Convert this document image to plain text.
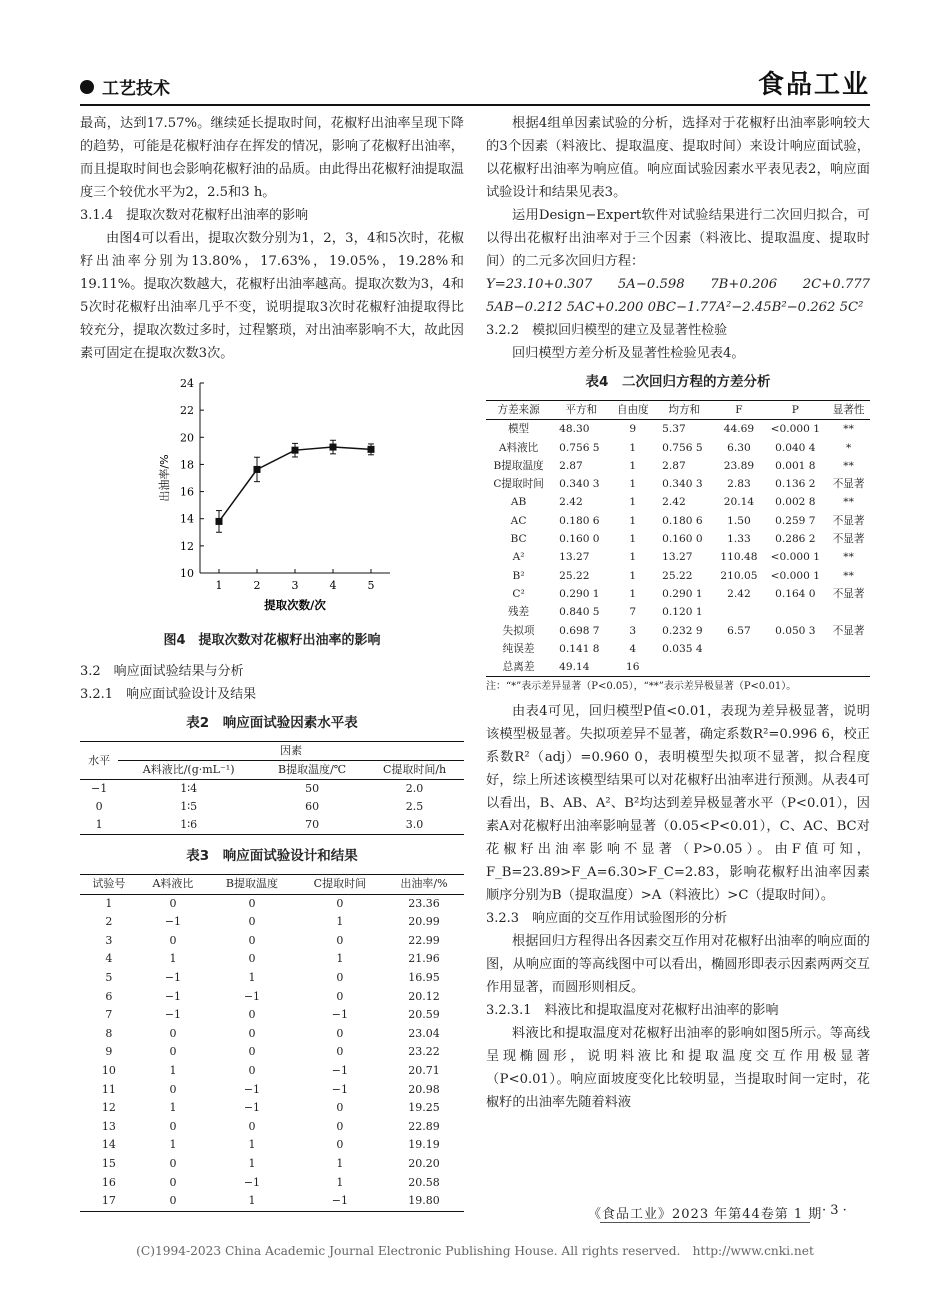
工艺技术	食品工业

最高，达到17.57%。继续延长提取时间，花椒籽出油率呈现下降的趋势，可能是花椒籽油存在挥发的情况，影响了花椒籽出油率，而且提取时间也会影响花椒籽油的品质。由此得出花椒籽油提取温度三个较优水平为2，2.5和3 h。

3.1.4　提取次数对花椒籽出油率的影响

由图4可以看出，提取次数分别为1，2，3，4和5次时，花椒籽出油率分别为13.80%，17.63%，19.05%，19.28%和19.11%。提取次数越大，花椒籽出油率越高。提取次数为3，4和5次时花椒籽出油率几乎不变，说明提取3次时花椒籽油提取得比较充分，提取次数过多时，过程繁琐，对出油率影响不大，故此因素可固定在提取次数3次。

10
12
14
16
18
20
22
24
1	2	3	4	5
出油率/%
提取次数/次
图4　提取次数对花椒籽出油率的影响

3.2　响应面试验结果与分析

3.2.1　响应面试验设计及结果

表2　响应面试验因素水平表
水平	因素		
	A料液比/(g·mL⁻¹)	B提取温度/℃	C提取时间/h
−1	1∶4	50	2.0
0	1∶5	60	2.5
1	1∶6	70	3.0
表3　响应面试验设计和结果
试验号	A料液比	B提取温度	C提取时间	出油率/%
1	0	0	0	23.36
2	−1	0	1	20.99
3	0	0	0	22.99
4	1	0	1	21.96
5	−1	1	0	16.95
6	−1	−1	0	20.12
7	−1	0	−1	20.59
8	0	0	0	23.04
9	0	0	0	23.22
10	1	0	−1	20.71
11	0	−1	−1	20.98
12	1	−1	0	19.25
13	0	0	0	22.89
14	1	1	0	19.19
15	0	1	1	20.20
16	0	−1	1	20.58
17	0	1	−1	19.80

根据4组单因素试验的分析，选择对于花椒籽出油率影响较大的3个因素（料液比、提取温度、提取时间）来设计响应面试验，以花椒籽出油率为响应值。响应面试验因素水平表见表2，响应面试验设计和结果见表3。

运用Design−Expert软件对试验结果进行二次回归拟合，可以得出花椒籽出油率对于三个因素（料液比、提取温度、提取时间）的二元多次回归方程：

Y=23.10+0.307 5A−0.598 7B+0.206 2C+0.777 5AB−0.212 5AC+0.200 0BC−1.77A²−2.45B²−0.262 5C²

3.2.2　模拟回归模型的建立及显著性检验

回归模型方差分析及显著性检验见表4。

表4　二次回归方程的方差分析
方差来源	平方和	自由度	均方和	F	P	显著性
模型	48.30	9	5.37	44.69	<0.000 1	**
A料液比	0.756 5	1	0.756 5	6.30	0.040 4	*
B提取温度	2.87	1	2.87	23.89	0.001 8	**
C提取时间	0.340 3	1	0.340 3	2.83	0.136 2	不显著
AB	2.42	1	2.42	20.14	0.002 8	**
AC	0.180 6	1	0.180 6	1.50	0.259 7	不显著
BC	0.160 0	1	0.160 0	1.33	0.286 2	不显著
A²	13.27	1	13.27	110.48	<0.000 1	**
B²	25.22	1	25.22	210.05	<0.000 1	**
C²	0.290 1	1	0.290 1	2.42	0.164 0	不显著
残差	0.840 5	7	0.120 1			
失拟项	0.698 7	3	0.232 9	6.57	0.050 3	不显著
纯误差	0.141 8	4	0.035 4			
总离差	49.14	16				
注：“*”表示差异显著（P<0.05），“**”表示差异极显著（P<0.01）。

由表4可见，回归模型P值<0.01，表现为差异极显著，说明该模型极显著。失拟项差异不显著，确定系数R²=0.996 6，校正系数R²（adj）=0.960 0，表明模型失拟项不显著，拟合程度好，综上所述该模型结果可以对花椒籽出油率进行预测。从表4可以看出，B、AB、A²、B²均达到差异极显著水平（P<0.01），因素A对花椒籽出油率影响显著（0.05<P<0.01），C、AC、BC对花椒籽出油率影响不显著（P>0.05）。由F值可知，F_B=23.89>F_A=6.30>F_C=2.83，影响花椒籽出油率因素顺序分别为B（提取温度）>A（料液比）>C（提取时间）。

3.2.3　响应面的交互作用试验图形的分析

根据回归方程得出各因素交互作用对花椒籽出油率的响应面的图，从响应面的等高线图中可以看出，椭圆形即表示因素两两交互作用显著，而圆形则相反。

3.2.3.1　料液比和提取温度对花椒籽出油率的影响

料液比和提取温度对花椒籽出油率的影响如图5所示。等高线呈现椭圆形，说明料液比和提取温度交互作用极显著（P<0.01）。响应面坡度变化比较明显，当提取时间一定时，花椒籽的出油率先随着料液

《食品工业》2023 年第44卷第 1 期 · 3 ·
(C)1994-2023 China Academic Journal Electronic Publishing House. All rights reserved.　http://www.cnki.net
